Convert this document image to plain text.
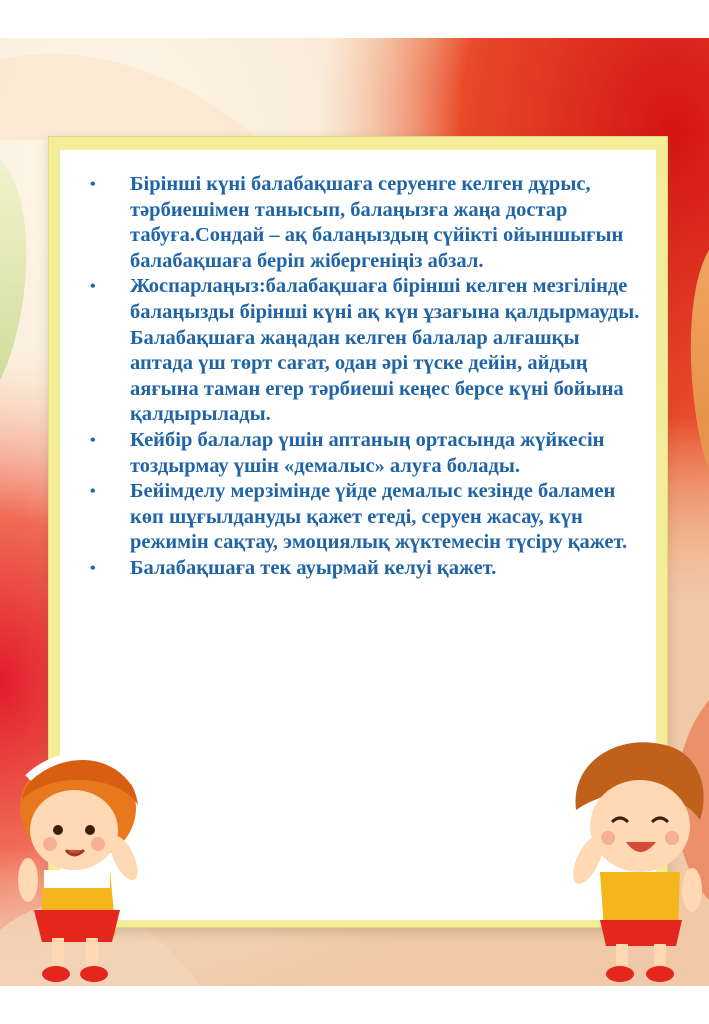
• Бірінші күні балабақшаға серуенге келген дұрыс, тәрбиешімен танысып, балаңызға жаңа достар табуға.Сондай – ақ балаңыздың сүйікті ойыншығын балабақшаға беріп жібергеніңіз абзал.
• Жоспарлаңыз:балабақшаға бірінші келген мезгілінде балаңызды бірінші күні ақ күн ұзағына қалдырмауды. Балабақшаға жаңадан келген балалар алғашқы аптада үш төрт сағат, одан әрі түске дейін, айдың аяғына таман егер тәрбиеші кеңес берсе күні бойына қалдырылады.
• Кейбір балалар үшін аптаның ортасында жүйкесін тоздырмау үшін «демалыс» алуға болады.
• Бейімделу мерзімінде үйде демалыс кезінде баламен көп шұғылдануды қажет етеді, серуен жасау, күн режимін сақтау, эмоциялық жүктемесін түсіру қажет.
• Балабақшаға тек ауырмай келуі қажет.
